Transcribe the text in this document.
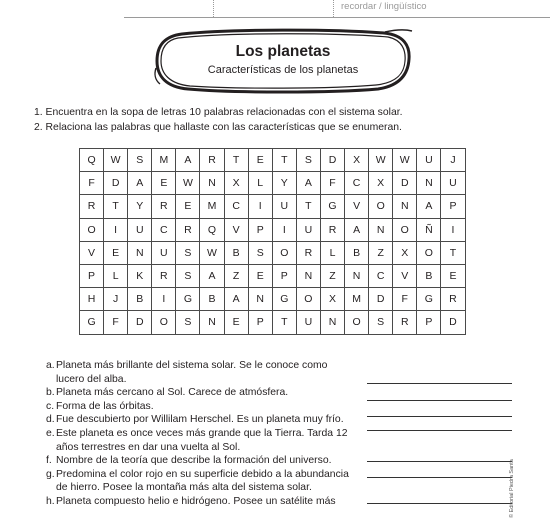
recordar / lingüístico
Los planetas
Características de los planetas
1. Encuentra en la sopa de letras 10 palabras relacionadas con el sistema solar.
2. Relaciona las palabras que hallaste con las características que se enumeran.
Q	W	S	M	A	R	T	E	T	S	D	X	W	W	U	J
F	D	A	E	W	N	X	L	Y	A	F	C	X	D	N	U
R	T	Y	R	E	M	C	I	U	T	G	V	O	N	A	P
O	I	U	C	R	Q	V	P	I	U	R	A	N	O	Ñ	I
V	E	N	U	S	W	B	S	O	R	L	B	Z	X	O	T
P	L	K	R	S	A	Z	E	P	N	Z	N	C	V	B	E
H	J	B	I	G	B	A	N	G	O	X	M	D	F	G	R
G	F	D	O	S	N	E	P	T	U	N	O	S	R	P	D
a. Planeta más brillante del sistema solar. Se le conoce como
lucero del alba.
b. Planeta más cercano al Sol. Carece de atmósfera.
c. Forma de las órbitas.
d. Fue descubierto por Willilam Herschel. Es un planeta muy frío.
e. Este planeta es once veces más grande que la Tierra. Tarda 12
años terrestres en dar una vuelta al Sol.
f. Nombre de la teoría que describe la formación del universo.
g. Predomina el color rojo en su superficie debido a la abundancia
de hierro. Posee la montaña más alta del sistema solar.
h. Planeta compuesto helio e hidrógeno. Posee un satélite más	© Editorial Piedra Santa
